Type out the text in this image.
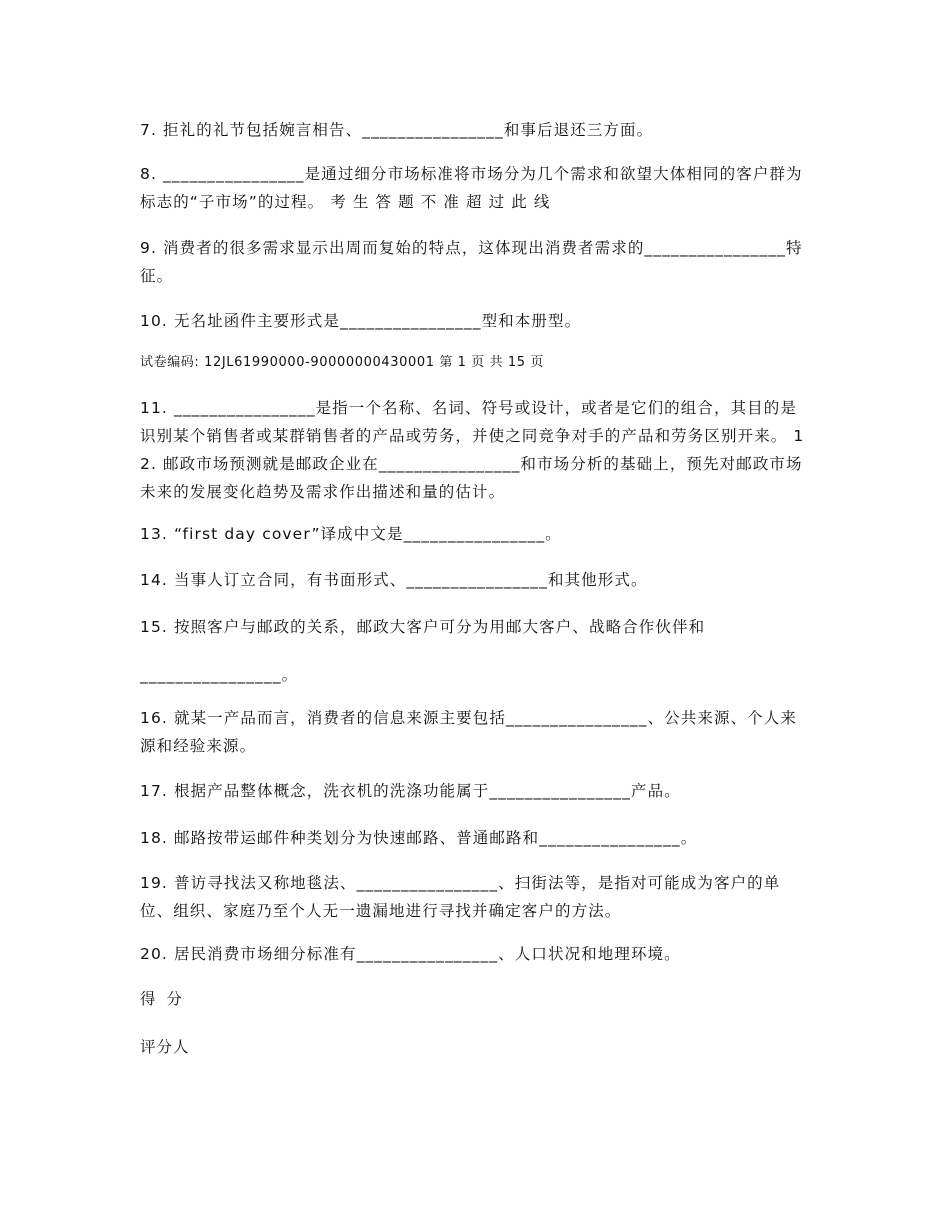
7. 拒礼的礼节包括婉言相告、________________和事后退还三方面。

8. ________________是通过细分市场标准将市场分为几个需求和欲望大体相同的客户群为标志的“子市场”的过程。 考 生 答 题 不 准 超 过 此 线

9. 消费者的很多需求显示出周而复始的特点，这体现出消费者需求的________________特征。

10. 无名址函件主要形式是________________型和本册型。

试卷编码: 12JL61990000-90000000430001 第 1 页 共 15 页

11. ________________是指一个名称、名词、符号或设计，或者是它们的组合，其目的是识别某个销售者或某群销售者的产品或劳务，并使之同竞争对手的产品和劳务区别开来。 12. 邮政市场预测就是邮政企业在________________和市场分析的基础上，预先对邮政市场未来的发展变化趋势及需求作出描述和量的估计。

13. “first day cover”译成中文是________________。

14. 当事人订立合同，有书面形式、________________和其他形式。

15. 按照客户与邮政的关系，邮政大客户可分为用邮大客户、战略合作伙伴和

________________。

16. 就某一产品而言，消费者的信息来源主要包括________________、公共来源、个人来源和经验来源。

17. 根据产品整体概念，洗衣机的洗涤功能属于________________产品。

18. 邮路按带运邮件种类划分为快速邮路、普通邮路和________________。

19. 普访寻找法又称地毯法、________________、扫街法等，是指对可能成为客户的单位、组织、家庭乃至个人无一遗漏地进行寻找并确定客户的方法。

20. 居民消费市场细分标准有________________、人口状况和地理环境。

得 分

评分人
